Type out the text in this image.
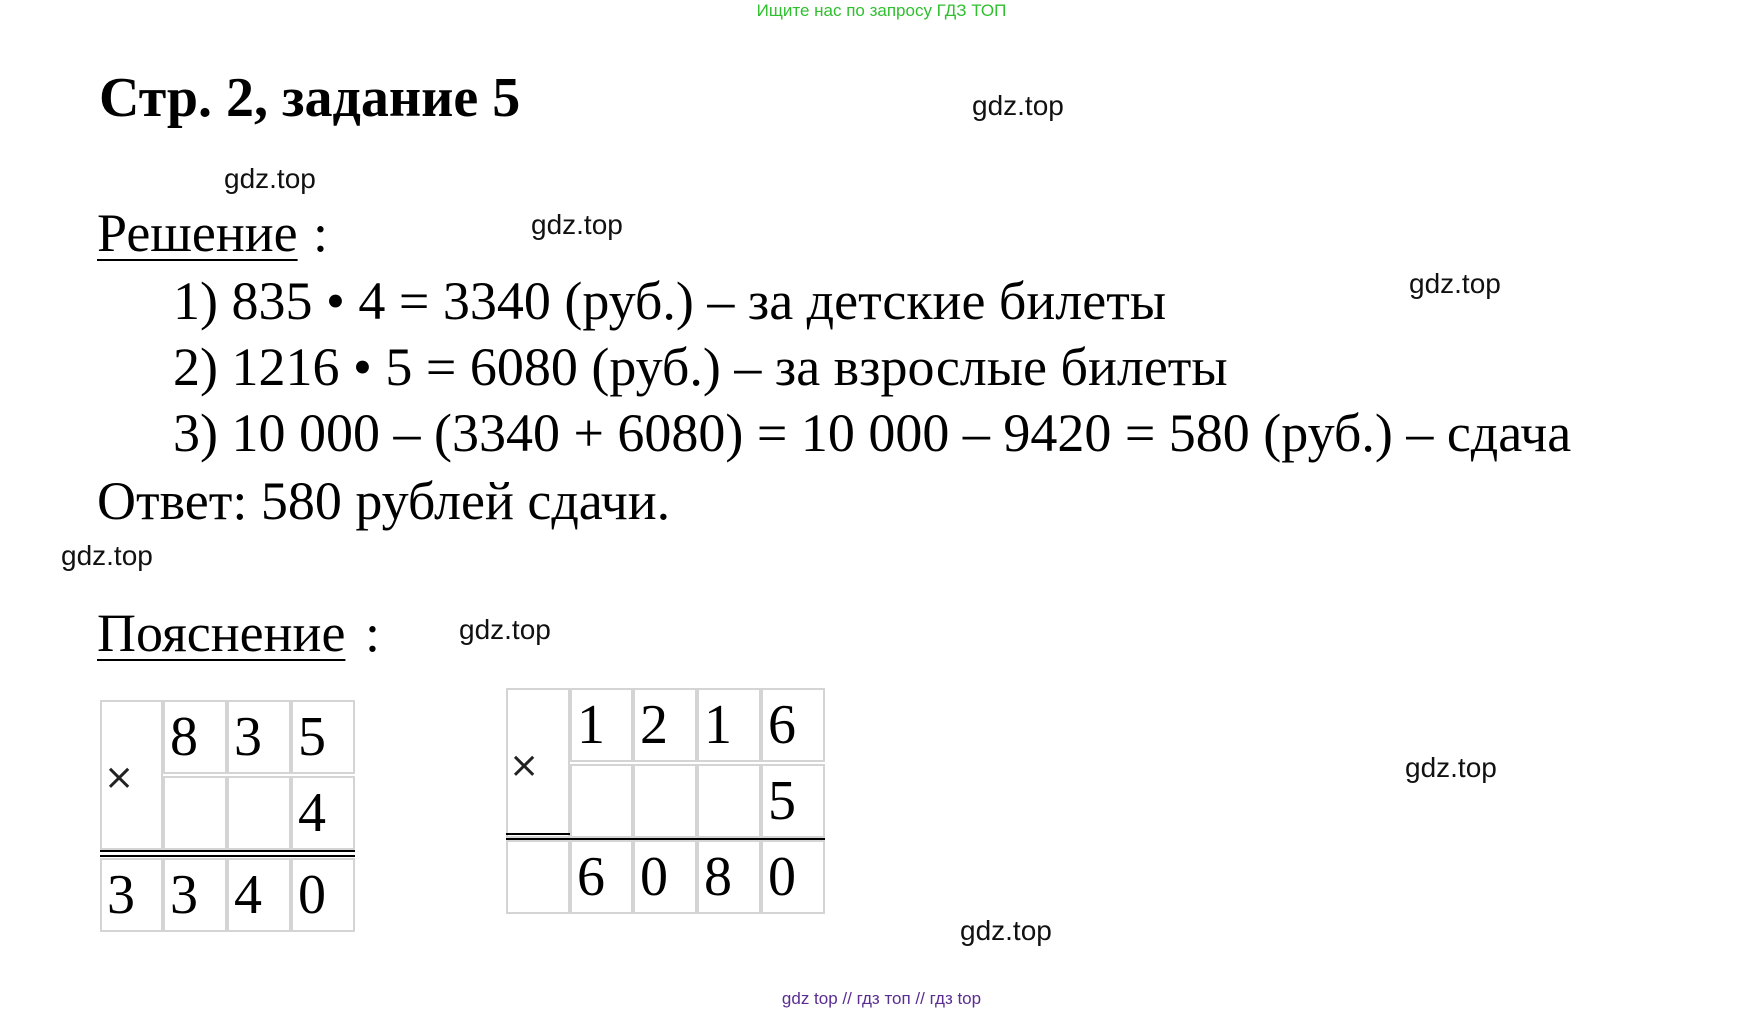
Ищите нас по запросу ГДЗ ТОП
Стр. 2, задание 5	gdz.top
gdz.top
gdz.top
gdz.top
gdz.top
gdz.top
gdz.top
gdz.top
Решение :
1) 835 • 4 = 3340 (руб.) – за детские билеты
2) 1216 • 5 = 6080 (руб.) – за взрослые билеты
3) 10 000 – (3340 + 6080) = 10 000 – 9420 = 580 (руб.) – сдача
Ответ: 580 рублей сдачи.
Пояснение :
×
8 3 5
4
3 3 4 0
×
1 2 1 6
5
6 0 8 0
gdz top // гдз топ // гдз top
